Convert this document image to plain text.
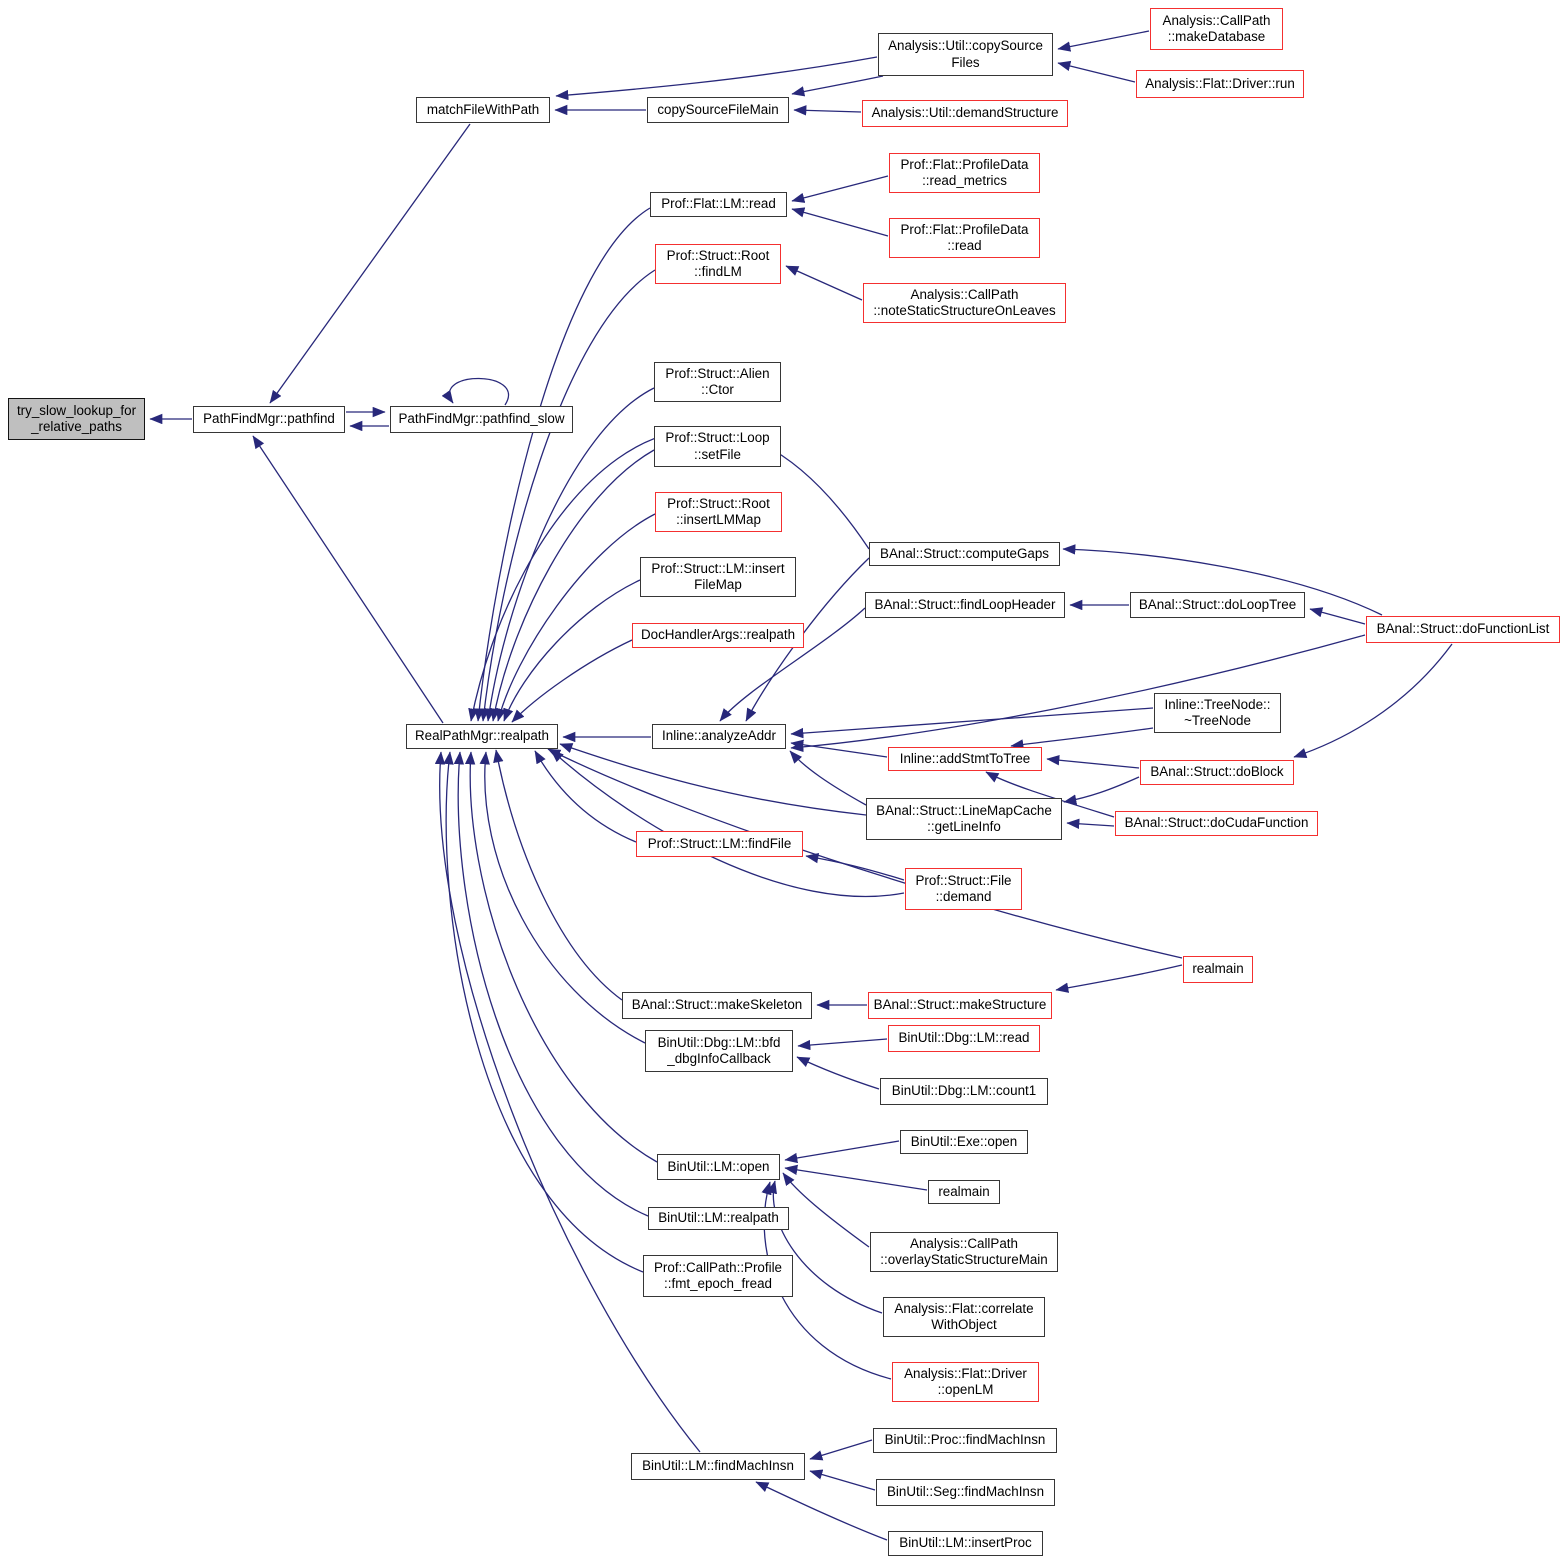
try_slow_lookup_for
_relative_paths
PathFindMgr::pathfind	PathFindMgr::pathfind_slow
matchFileWithPath	copySourceFileMain
Analysis::Util::copySource
Files
Analysis::CallPath
::makeDatabase
Analysis::Flat::Driver::run
Analysis::Util::demandStructure
Prof::Flat::LM::read
Prof::Flat::ProfileData
::read_metrics
Prof::Flat::ProfileData
::read
Prof::Struct::Root
::findLM
Analysis::CallPath
::noteStaticStructureOnLeaves
Prof::Struct::Alien
::Ctor
Prof::Struct::Loop
::setFile
Prof::Struct::Root
::insertLMMap
Prof::Struct::LM::insert
FileMap
DocHandlerArgs::realpath
BAnal::Struct::computeGaps
BAnal::Struct::findLoopHeader	BAnal::Struct::doLoopTree
BAnal::Struct::doFunctionList
RealPathMgr::realpath	Inline::analyzeAddr
Inline::TreeNode::
~TreeNode
Inline::addStmtToTree
BAnal::Struct::doBlock
BAnal::Struct::LineMapCache
::getLineInfo	BAnal::Struct::doCudaFunction
Prof::Struct::LM::findFile
Prof::Struct::File
::demand
realmain
BAnal::Struct::makeSkeleton	BAnal::Struct::makeStructure
BinUtil::Dbg::LM::bfd
_dbgInfoCallback
BinUtil::Dbg::LM::read
BinUtil::Dbg::LM::count1
BinUtil::Exe::open
BinUtil::LM::open
realmain
BinUtil::LM::realpath
Analysis::CallPath
::overlayStaticStructureMain
Prof::CallPath::Profile
::fmt_epoch_fread
Analysis::Flat::correlate
WithObject
Analysis::Flat::Driver
::openLM
BinUtil::LM::findMachInsn
BinUtil::Proc::findMachInsn
BinUtil::Seg::findMachInsn
BinUtil::LM::insertProc
